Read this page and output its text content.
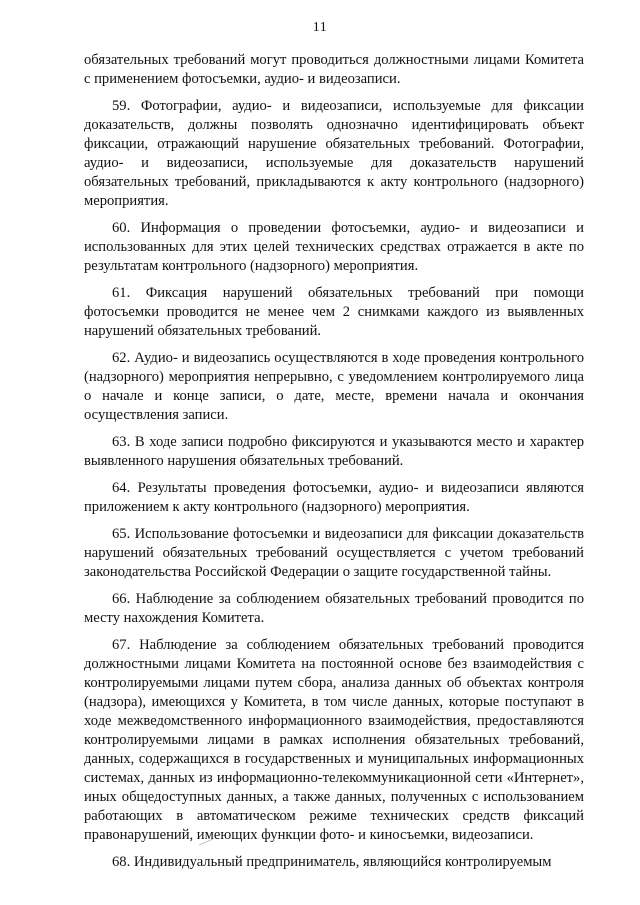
11

обязательных требований могут проводиться должностными лицами Комитета с применением фотосъемки, аудио- и видеозаписи.

59. Фотографии, аудио- и видеозаписи, используемые для фиксации доказательств, должны позволять однозначно идентифицировать объект фиксации, отражающий нарушение обязательных требований. Фотографии, аудио- и видеозаписи, используемые для доказательств нарушений обязательных требований, прикладываются к акту контрольного (надзорного) мероприятия.

60. Информация о проведении фотосъемки, аудио- и видеозаписи и использованных для этих целей технических средствах отражается в акте по результатам контрольного (надзорного) мероприятия.

61. Фиксация нарушений обязательных требований при помощи фотосъемки проводится не менее чем 2 снимками каждого из выявленных нарушений обязательных требований.

62. Аудио- и видеозапись осуществляются в ходе проведения контрольного (надзорного) мероприятия непрерывно, с уведомлением контролируемого лица о начале и конце записи, о дате, месте, времени начала и окончания осуществления записи.

63. В ходе записи подробно фиксируются и указываются место и характер выявленного нарушения обязательных требований.

64. Результаты проведения фотосъемки, аудио- и видеозаписи являются приложением к акту контрольного (надзорного) мероприятия.

65. Использование фотосъемки и видеозаписи для фиксации доказательств нарушений обязательных требований осуществляется с учетом требований законодательства Российской Федерации о защите государственной тайны.

66. Наблюдение за соблюдением обязательных требований проводится по месту нахождения Комитета.

67. Наблюдение за соблюдением обязательных требований проводится должностными лицами Комитета на постоянной основе без взаимодействия с контролируемыми лицами путем сбора, анализа данных об объектах контроля (надзора), имеющихся у Комитета, в том числе данных, которые поступают в ходе межведомственного информационного взаимодействия, предоставляются контролируемыми лицами в рамках исполнения обязательных требований, данных, содержащихся в государственных и муниципальных информационных системах, данных из информационно-телекоммуникационной сети «Интернет», иных общедоступных данных, а также данных, полученных с использованием работающих в автоматическом режиме технических средств фиксаций правонарушений, имеющих функции фото- и киносъемки, видеозаписи.

68. Индивидуальный предприниматель, являющийся контролируемым
